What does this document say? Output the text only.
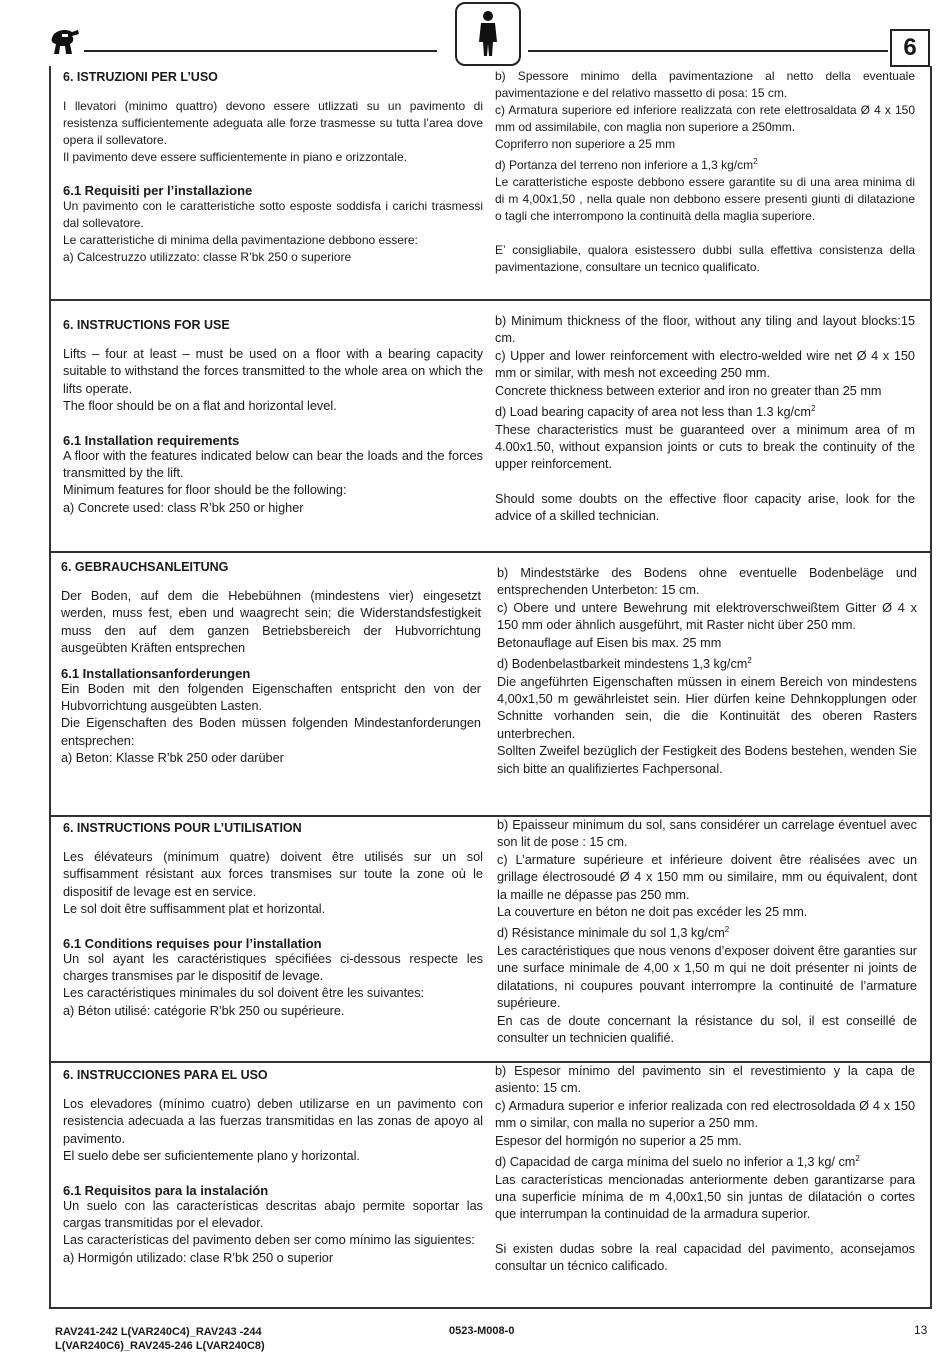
6

6. ISTRUZIONI PER L’USO

I llevatori (minimo quattro) devono essere utlizzati su un pavimento di resistenza sufficientemente adeguata alle forze trasmesse su tutta l’area dove opera il sollevatore.

Il pavimento deve essere sufficientemente in piano e orizzontale.

6.1 Requisiti per l’installazione

Un pavimento con le caratteristiche sotto esposte soddisfa i carichi trasmessi dal sollevatore.

Le caratteristiche di minima della pavimentazione debbono essere:

a) Calcestruzzo utilizzato: classe R’bk 250 o superiore

b) Spessore minimo della pavimentazione al netto della eventuale pavimentazione e del relativo massetto di posa: 15 cm.

c) Armatura superiore ed inferiore realizzata con rete elettrosaldata Ø 4 x 150 mm od assimilabile, con maglia non superiore a 250mm.

Copriferro non superiore a 25 mm

d) Portanza del terreno non inferiore a 1,3 $kg/cm^2$

Le caratteristiche esposte debbono essere garantite su di una area minima di di m 4,00x1,50 , nella quale non debbono essere presenti giunti di dilatazione o tagli che interrompono la continuità della maglia superiore.

E’ consigliabile, qualora esistessero dubbi sulla effettiva consistenza della pavimentazione, consultare un tecnico qualificato.

6. INSTRUCTIONS FOR USE

Lifts – four at least – must be used on a floor with a bearing capacity suitable to withstand the forces transmitted to the whole area on which the lifts operate.

The floor should be on a flat and horizontal level.

6.1 Installation requirements

A floor with the features indicated below can bear the loads and the forces transmitted by the lift.

Minimum features for floor should be the following:

a) Concrete used: class R’bk 250 or higher

b) Minimum thickness of the floor, without any tiling and layout blocks:15 cm.

c) Upper and lower reinforcement with electro-welded wire net Ø 4 x 150 mm or similar, with mesh not exceeding 250 mm.

Concrete thickness between exterior and iron no greater than 25 mm

d) Load bearing capacity of area not less than 1.3 $kg/cm^2$

These characteristics must be guaranteed over a minimum area of m 4.00x1.50, without expansion joints or cuts to break the continuity of the upper reinforcement.

Should some doubts on the effective floor capacity arise, look for the advice of a skilled technician.

6. GEBRAUCHSANLEITUNG

Der Boden, auf dem die Hebebühnen (mindestens vier) eingesetzt werden, muss fest, eben und waagrecht sein; die Widerstandsfestigkeit muss den auf dem ganzen Betriebsbereich der Hubvorrichtung ausgeübten Kräften entsprechen

6.1 Installationsanforderungen

Ein Boden mit den folgenden Eigenschaften entspricht den von der Hubvorrichtung ausgeübten Lasten.

Die Eigenschaften des Boden müssen folgenden Mindestanforderungen entsprechen:

a) Beton: Klasse R’bk 250 oder darüber

b) Mindeststärke des Bodens ohne eventuelle Bodenbeläge und entsprechenden Unterbeton: 15 cm.

c) Obere und untere Bewehrung mit elektroverschweißtem Gitter Ø 4 x 150 mm oder ähnlich ausgeführt, mit Raster nicht über 250 mm.

Betonauflage auf Eisen bis max. 25 mm

d) Bodenbelastbarkeit mindestens 1,3 $kg/cm^2$

Die angeführten Eigenschaften müssen in einem Bereich von mindestens 4,00x1,50 m gewährleistet sein. Hier dürfen keine Dehnkopplungen oder Schnitte vorhanden sein, die die Kontinuität des oberen Rasters unterbrechen.

Sollten Zweifel bezüglich der Festigkeit des Bodens bestehen, wenden Sie sich bitte an qualifiziertes Fachpersonal.

6. INSTRUCTIONS POUR L’UTILISATION

Les élévateurs (minimum quatre) doivent être utilisés sur un sol suffisamment résistant aux forces transmises sur toute la zone où le dispositif de levage est en service.

Le sol doit être suffisamment plat et horizontal.

6.1 Conditions requises pour l’installation

Un sol ayant les caractéristiques spécifiées ci-dessous respecte les charges transmises par le dispositif de levage.

Les caractéristiques minimales du sol doivent être les suivantes:

a) Béton utilisé: catégorie R’bk 250 ou supérieure.

b) Epaisseur minimum du sol, sans considérer un carrelage éventuel avec son lit de pose : 15 cm.

c) L’armature supérieure et inférieure doivent être réalisées avec un grillage électrosoudé Ø 4 x 150 mm ou similaire, mm ou équivalent, dont la maille ne dépasse pas 250 mm.

La couverture en béton ne doit pas excéder les 25 mm.

d) Résistance minimale du sol 1,3 $kg/cm^2$

Les caractéristiques que nous venons d’exposer doivent être garanties sur une surface minimale de 4,00 x 1,50 m qui ne doit présenter ni joints de dilatations, ni coupures pouvant interrompre la continuité de l’armature supérieure.

En cas de doute concernant la résistance du sol, il est conseillé de consulter un technicien qualifié.

6. INSTRUCCIONES PARA EL USO

Los elevadores (mínimo cuatro) deben utilizarse en un pavimento con resistencia adecuada a las fuerzas transmitidas en las zonas de apoyo al pavimento.

El suelo debe ser suficientemente plano y horizontal.

6.1 Requisitos para la instalación

Un suelo con las características descritas abajo permite soportar las cargas transmitidas por el elevador.

Las características del pavimento deben ser como mínimo las siguientes:

a) Hormigón utilizado: clase R’bk 250 o superior

b) Espesor mínimo del pavimento sin el revestimiento y la capa de asiento: 15 cm.

c) Armadura superior e inferior realizada con red electrosoldada Ø 4 x 150 mm o similar, con malla no superior a 250 mm.

Espesor del hormigón no superior a 25 mm.

d) Capacidad de carga mínima del suelo no inferior a 1,3 kg/ $cm^2$

Las características mencionadas anteriormente deben garantizarse para una superficie mínima de m 4,00x1,50 sin juntas de dilatación o cortes que interrumpan la continuidad de la armadura superior.

Si existen dudas sobre la real capacidad del pavimento, aconsejamos consultar un técnico calificado.

RAV241-242 L(VAR240C4)_RAV243 -244
L(VAR240C6)_RAV245-246 L(VAR240C8)
0523-M008-0	13
